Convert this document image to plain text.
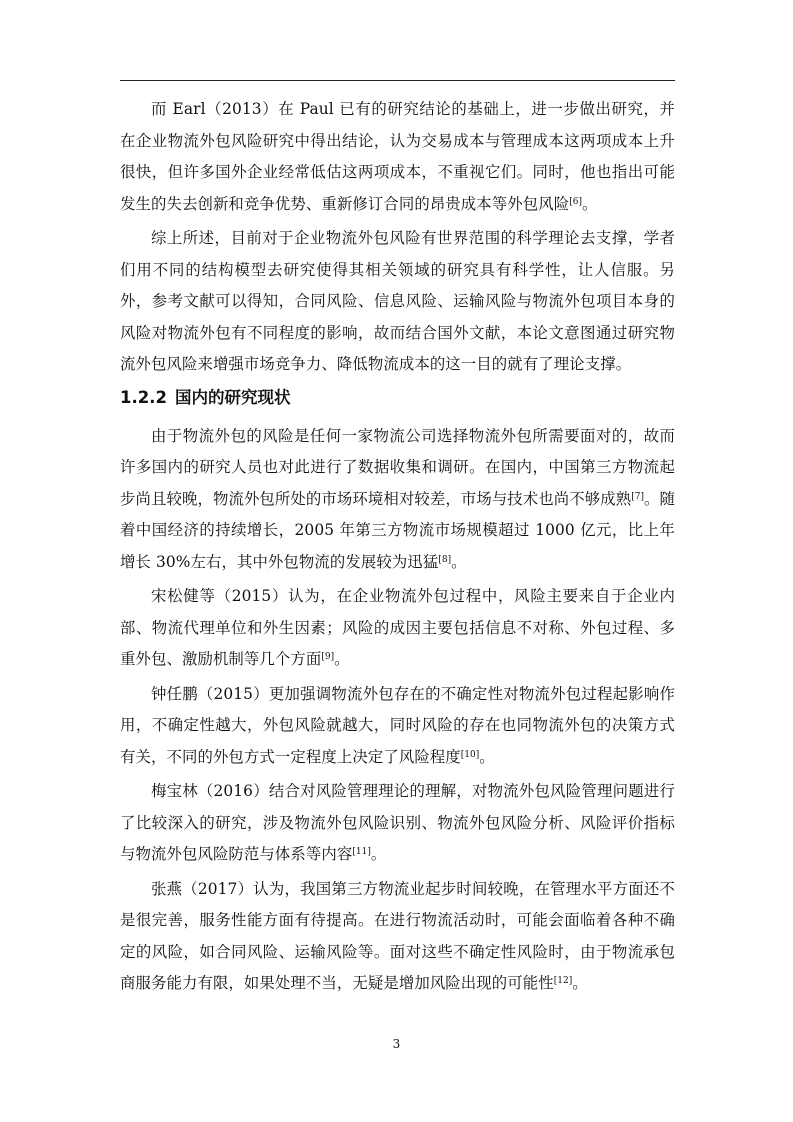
而 Earl（2013）在 Paul 已有的研究结论的基础上，进一步做出研究，并在企业物流外包风险研究中得出结论，认为交易成本与管理成本这两项成本上升很快，但许多国外企业经常低估这两项成本，不重视它们。同时，他也指出可能发生的失去创新和竞争优势、重新修订合同的昂贵成本等外包风险[6]。

综上所述，目前对于企业物流外包风险有世界范围的科学理论去支撑，学者们用不同的结构模型去研究使得其相关领域的研究具有科学性，让人信服。另外，参考文献可以得知，合同风险、信息风险、运输风险与物流外包项目本身的风险对物流外包有不同程度的影响，故而结合国外文献，本论文意图通过研究物流外包风险来增强市场竞争力、降低物流成本的这一目的就有了理论支撑。

1.2.2 国内的研究现状

由于物流外包的风险是任何一家物流公司选择物流外包所需要面对的，故而许多国内的研究人员也对此进行了数据收集和调研。在国内，中国第三方物流起步尚且较晚，物流外包所处的市场环境相对较差，市场与技术也尚不够成熟[7]。随着中国经济的持续增长，2005 年第三方物流市场规模超过 1000 亿元，比上年增长 30%左右，其中外包物流的发展较为迅猛[8]。

宋松健等（2015）认为，在企业物流外包过程中，风险主要来自于企业内部、物流代理单位和外生因素；风险的成因主要包括信息不对称、外包过程、多重外包、激励机制等几个方面[9]。

钟任鹏（2015）更加强调物流外包存在的不确定性对物流外包过程起影响作用，不确定性越大，外包风险就越大，同时风险的存在也同物流外包的决策方式有关，不同的外包方式一定程度上决定了风险程度[10]。

梅宝林（2016）结合对风险管理理论的理解，对物流外包风险管理问题进行了比较深入的研究，涉及物流外包风险识别、物流外包风险分析、风险评价指标与物流外包风险防范与体系等内容[11]。

张燕（2017）认为，我国第三方物流业起步时间较晚，在管理水平方面还不是很完善，服务性能方面有待提高。在进行物流活动时，可能会面临着各种不确定的风险，如合同风险、运输风险等。面对这些不确定性风险时，由于物流承包商服务能力有限，如果处理不当，无疑是增加风险出现的可能性[12]。

3
